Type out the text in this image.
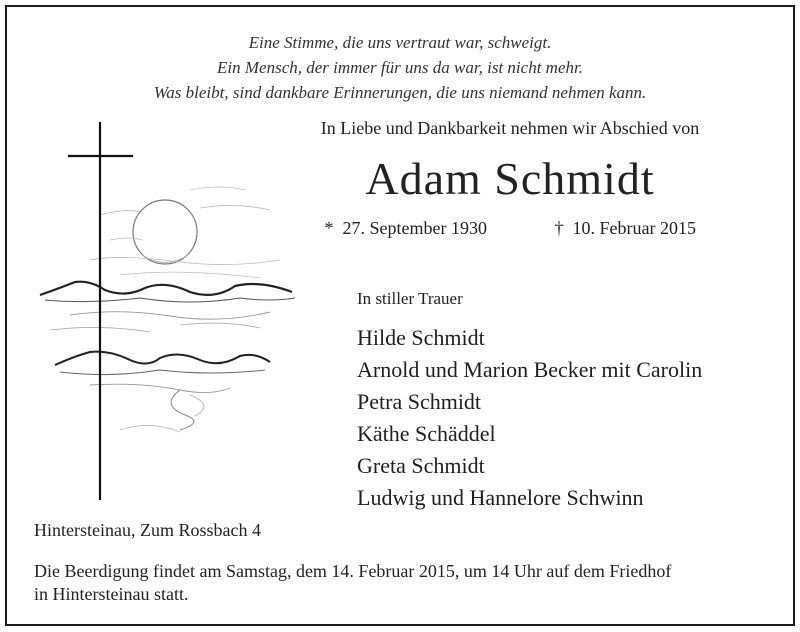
Eine Stimme, die uns vertraut war, schweigt.
Ein Mensch, der immer für uns da war, ist nicht mehr.
Was bleibt, sind dankbare Erinnerungen, die uns niemand nehmen kann.
In Liebe und Dankbarkeit nehmen wir Abschied von
Adam Schmidt
* 27. September 1930	† 10. Februar 2015
In stiller Trauer
Hilde Schmidt
Arnold und Marion Becker mit Carolin
Petra Schmidt
Käthe Schäddel
Greta Schmidt
Ludwig und Hannelore Schwinn
Hintersteinau, Zum Rossbach 4
Die Beerdigung findet am Samstag, dem 14. Februar 2015, um 14 Uhr auf dem Friedhof
in Hintersteinau statt.
